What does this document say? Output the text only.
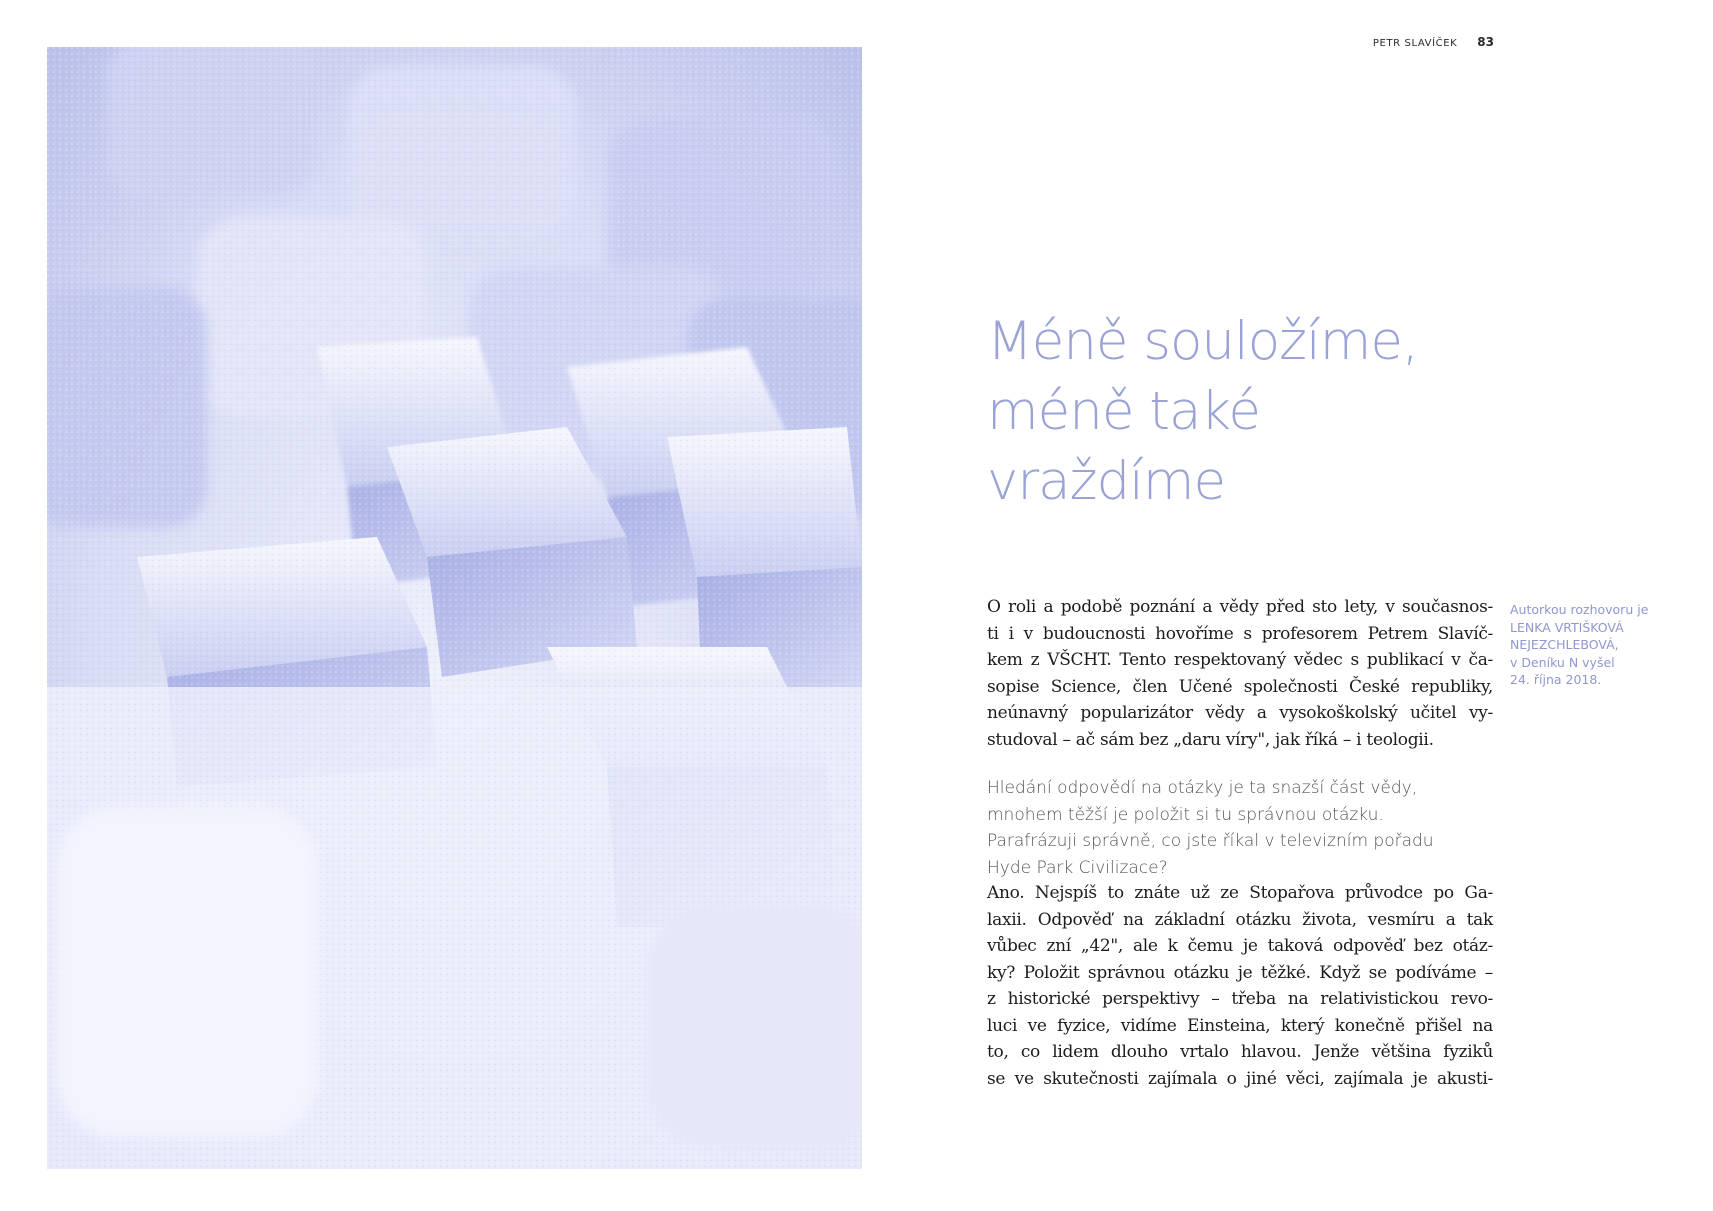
PETR SLAVÍČEK 83
Méně souložíme,
méně také
vraždíme
Autorkou rozhovoru je
LENKA VRTIŠKOVÁ
NEJEZCHLEBOVÁ,
v Deníku N vyšel
24. října 2018.

O roli a podobě poznání a vědy před sto lety, v současnos-
ti i v budoucnosti hovoříme s profesorem Petrem Slavíč-
kem z VŠCHT. Tento respektovaný vědec s publikací v ča-
sopise Science, člen Učené společnosti České republiky,
neúnavný popularizátor vědy a vysokoškolský učitel vy-
studoval – ač sám bez „daru víry", jak říká – i teologii.

Hledání odpovědí na otázky je ta snazší část vědy,
mnohem těžší je položit si tu správnou otázku.
Parafrázuji správně, co jste říkal v televizním pořadu
Hyde Park Civilizace?

Ano. Nejspíš to znáte už ze Stopařova průvodce po Ga-
laxii. Odpověď na základní otázku života, vesmíru a tak
vůbec zní „42", ale k čemu je taková odpověď bez otáz-
ky? Položit správnou otázku je těžké. Když se podíváme –
z historické perspektivy – třeba na relativistickou revo-
luci ve fyzice, vidíme Einsteina, který konečně přišel na
to, co lidem dlouho vrtalo hlavou. Jenže většina fyziků
se ve skutečnosti zajímala o jiné věci, zajímala je akusti-
